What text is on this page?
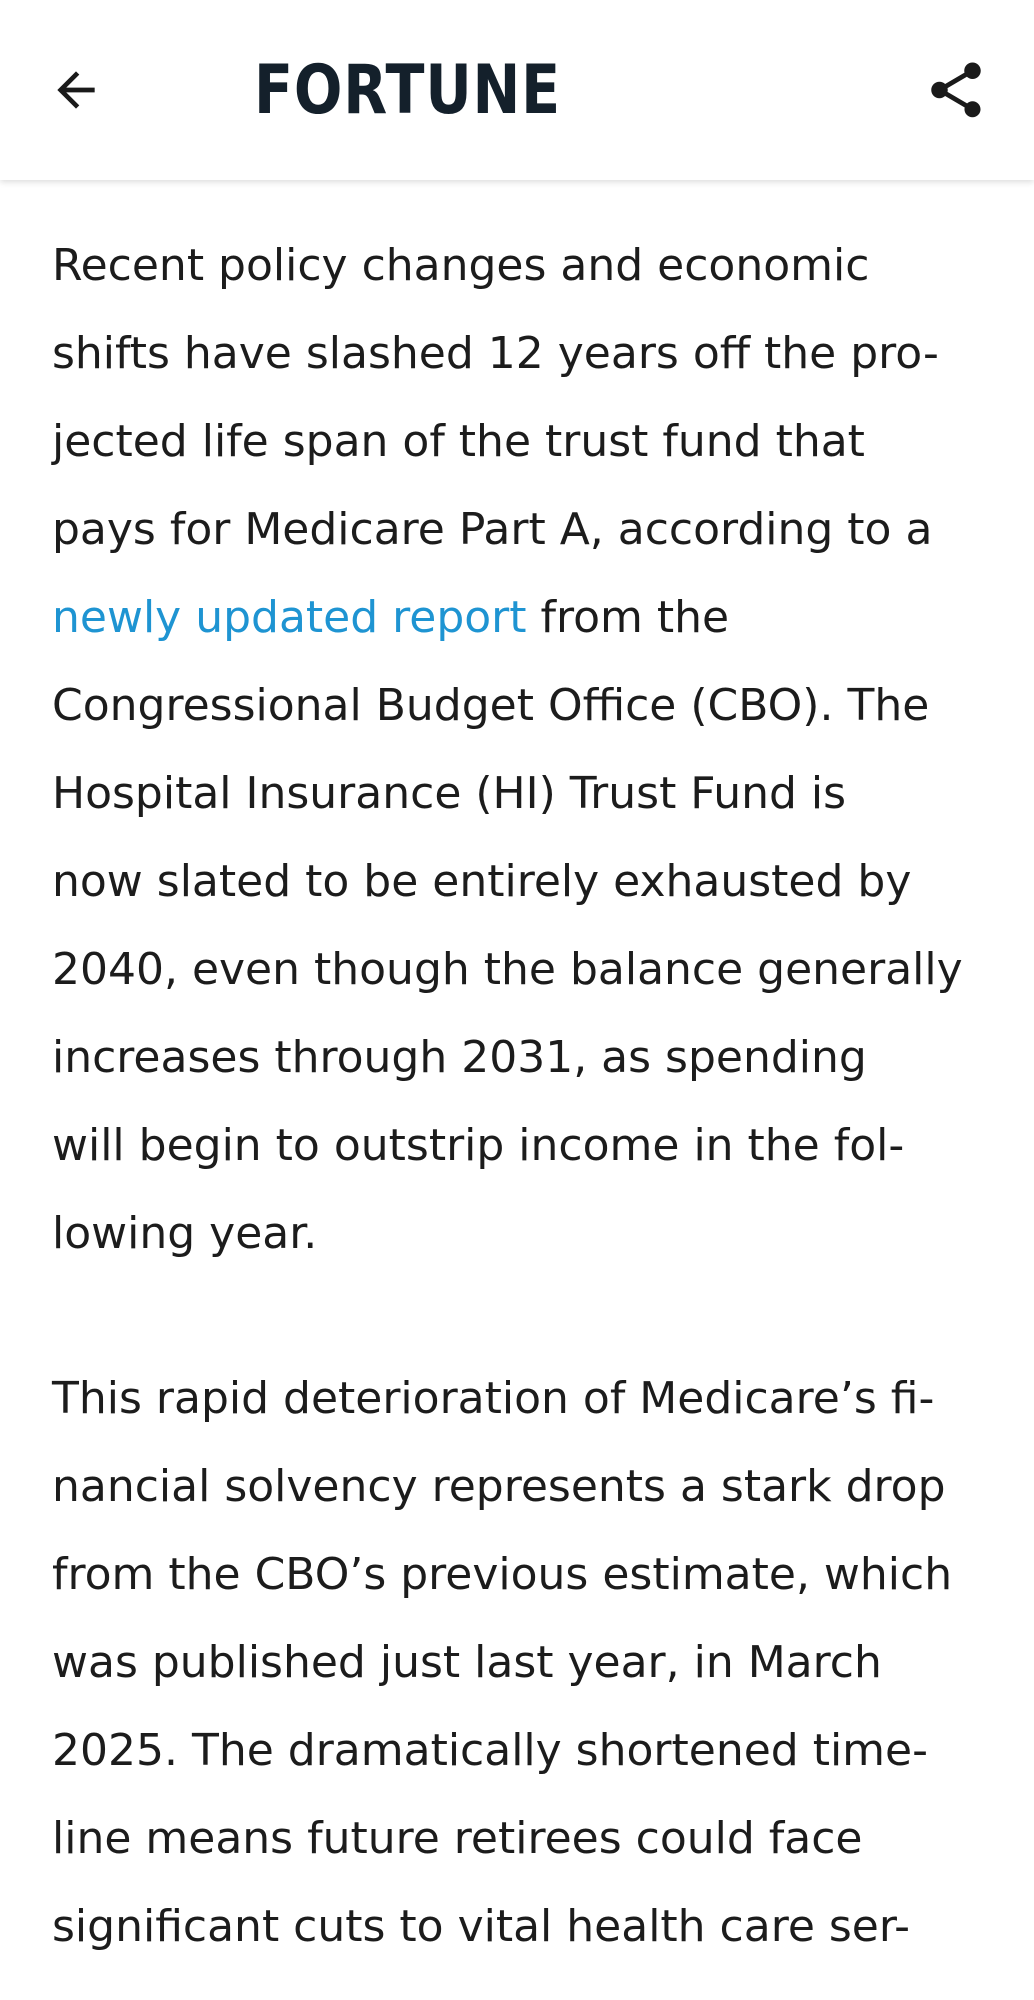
FORTUNE

Recent policy changes and economic
shifts have slashed 12 years off the pro-
jected life span of the trust fund that
pays for Medicare Part A, according to a
newly updated report from the
Congressional Budget Office (CBO). The
Hospital Insurance (HI) Trust Fund is
now slated to be entirely exhausted by
2040, even though the balance generally
increases through 2031, as spending
will begin to outstrip income in the fol-
lowing year.

This rapid deterioration of Medicare’s fi-
nancial solvency represents a stark drop
from the CBO’s previous estimate, which
was published just last year, in March
2025. The dramatically shortened time-
line means future retirees could face
significant cuts to vital health care ser-
